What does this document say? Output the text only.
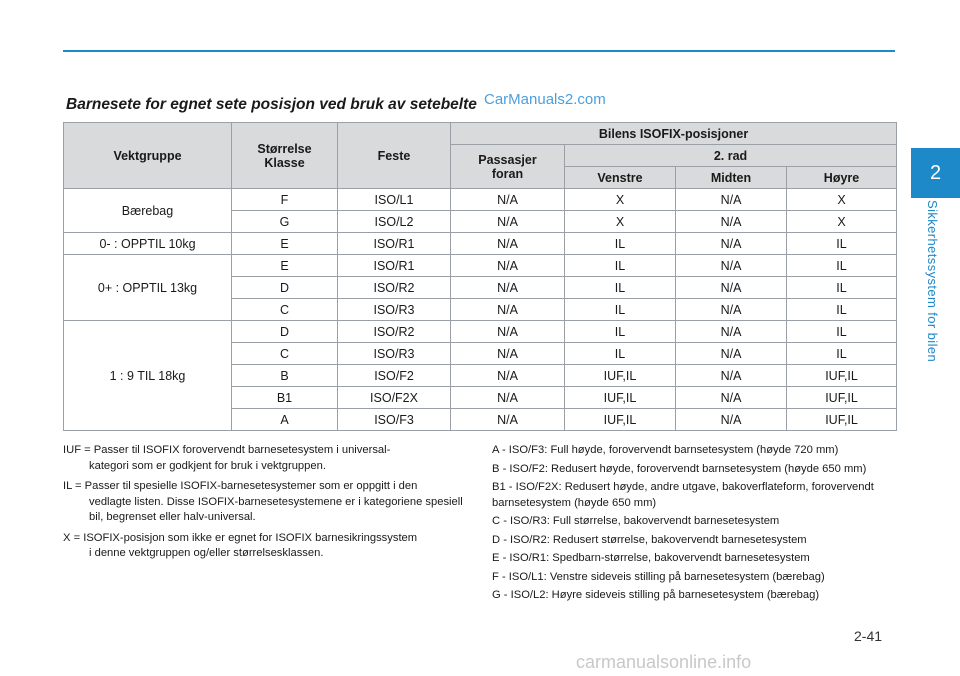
2
Sikkerhetssystem for bilen
Barnesete for egnet sete posisjon ved bruk av setebelte CarManuals2.com
Vektgruppe	Størrelse Klasse	Feste	Bilens ISOFIX-posisjoner			
			Passasjer foran	2. rad		
				Venstre	Midten	Høyre
Bærebag	F	ISO/L1	N/A	X	N/A	X
	G	ISO/L2	N/A	X	N/A	X
0- : OPPTIL 10kg	E	ISO/R1	N/A	IL	N/A	IL
0+ : OPPTIL 13kg	E	ISO/R1	N/A	IL	N/A	IL
	D	ISO/R2	N/A	IL	N/A	IL
	C	ISO/R3	N/A	IL	N/A	IL
1 : 9 TIL 18kg	D	ISO/R2	N/A	IL	N/A	IL
	C	ISO/R3	N/A	IL	N/A	IL
	B	ISO/F2	N/A	IUF,IL	N/A	IUF,IL
	B1	ISO/F2X	N/A	IUF,IL	N/A	IUF,IL
	A	ISO/F3	N/A	IUF,IL	N/A	IUF,IL
IUF = Passer til ISOFIX forovervendt barnesetesystem i universal-
kategori som er godkjent for bruk i vektgruppen.
IL = Passer til spesielle ISOFIX-barnesetesystemer som er oppgitt i den
vedlagte listen. Disse ISOFIX-barnesetesystemene er i kategoriene spesiell bil, begrenset eller halv-universal.
X = ISOFIX-posisjon som ikke er egnet for ISOFIX barnesikringssystem
i denne vektgruppen og/eller størrelsesklassen.
A - ISO/F3: Full høyde, forovervendt barnsetesystem (høyde 720 mm)
B - ISO/F2: Redusert høyde, forovervendt barnsetesystem (høyde 650 mm)
B1 - ISO/F2X: Redusert høyde, andre utgave, bakoverflateform, forovervendt barnsetesystem (høyde 650 mm)
C - ISO/R3: Full størrelse, bakovervendt barnesetesystem
D - ISO/R2: Redusert størrelse, bakovervendt barnesetesystem
E - ISO/R1: Spedbarn-størrelse, bakovervendt barnesetesystem
F - ISO/L1: Venstre sideveis stilling på barnesetesystem (bærebag)
G - ISO/L2: Høyre sideveis stilling på barnesetesystem (bærebag)
2-41
carmanualsonline.info
